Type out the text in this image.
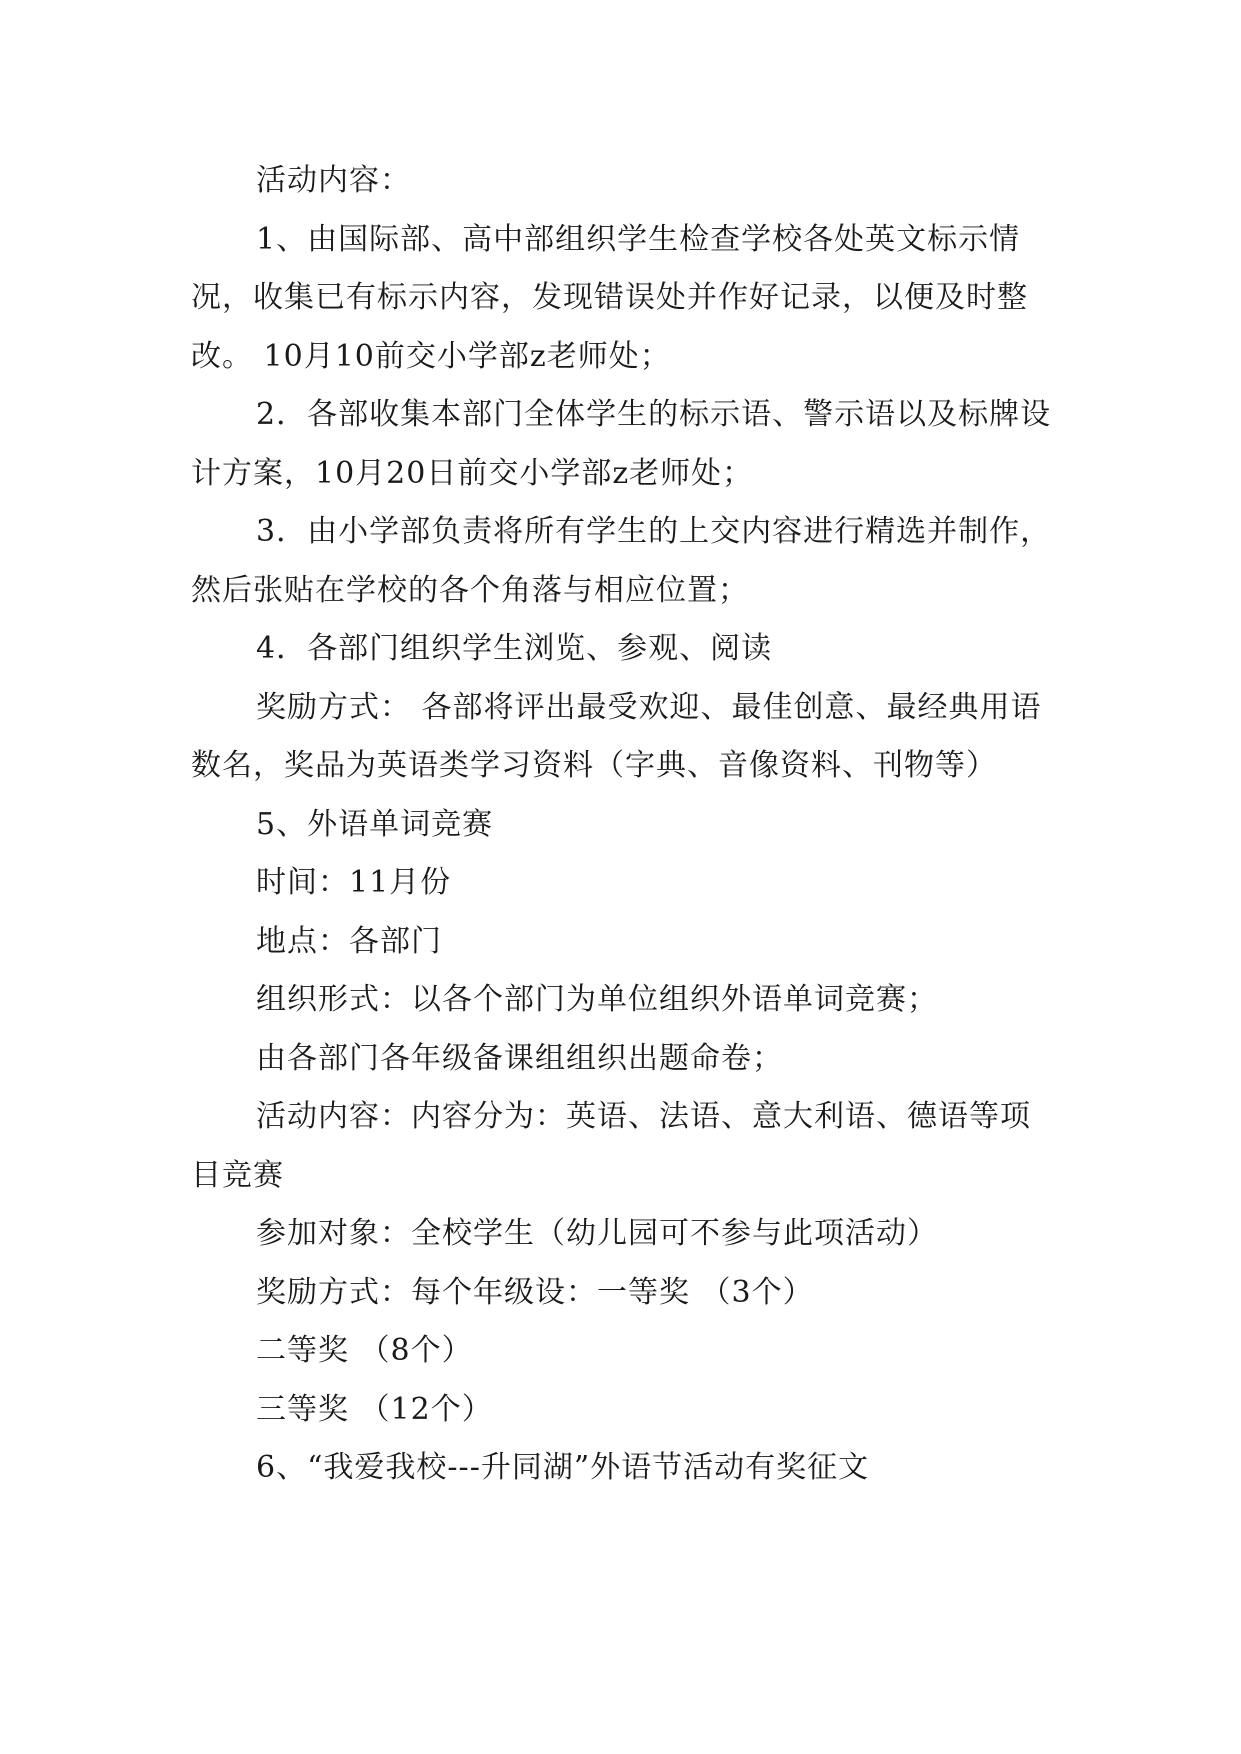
活动内容：

1、由国际部、高中部组织学生检查学校各处英文标示情况，收集已有标示内容，发现错误处并作好记录，以便及时整改。 10月10前交小学部z老师处；

2．各部收集本部门全体学生的标示语、警示语以及标牌设计方案，10月20日前交小学部z老师处；

3．由小学部负责将所有学生的上交内容进行精选并制作，然后张贴在学校的各个角落与相应位置；

4．各部门组织学生浏览、参观、阅读

奖励方式： 各部将评出最受欢迎、最佳创意、最经典用语数名，奖品为英语类学习资料（字典、音像资料、刊物等）

5、外语单词竞赛

时间：11月份

地点：各部门

组织形式：以各个部门为单位组织外语单词竞赛；

由各部门各年级备课组组织出题命卷；

活动内容：内容分为：英语、法语、意大利语、德语等项目竞赛

参加对象：全校学生（幼儿园可不参与此项活动）

奖励方式：每个年级设：一等奖 （3个）

二等奖 （8个）

三等奖 （12个）

6、“我爱我校---升同湖”外语节活动有奖征文
